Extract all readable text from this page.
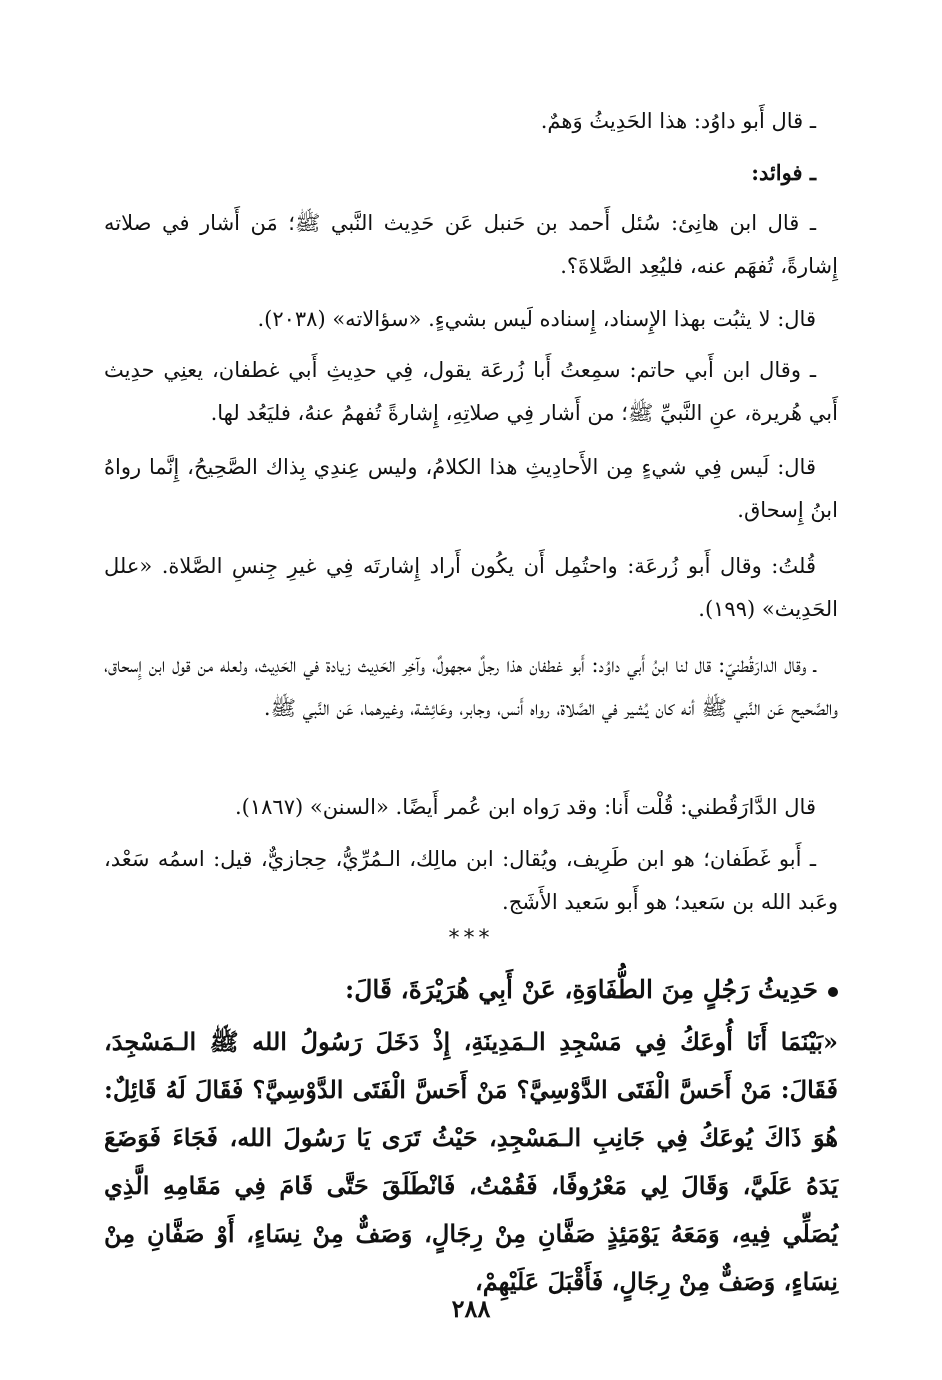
ـ قال أَبو داوُد: هذا الحَدِيثُ وَهمٌ.

ـ فوائد:

ـ قال ابن هانِئ: سُئل أَحمد بن حَنبل عَن حَدِيث النَّبي ﷺ؛ مَن أَشار في صلاته إِشارةً، تُفهَم عنه، فليُعِد الصَّلاةَ؟.

قال: لا يثبُت بهذا الإِسناد، إِسناده لَيس بشيءٍ. «سؤالاته» (٢٠٣٨).

ـ وقال ابن أَبي حاتم: سمِعتُ أَبا زُرعَة يقول، فِي حدِيثِ أَبي غطفان، يعنِي حدِيث أَبي هُريرة، عنِ النَّبيِّ ﷺ؛ من أَشار فِي صلاتِهِ، إِشارةً تُفهمُ عنهُ، فليَعُد لها.

قال: لَيس فِي شيءٍ مِن الأَحادِيثِ هذا الكلامُ، وليس عِندِي بِذاك الصَّحِيحُ، إِنَّما رواهُ ابنُ إِسحاق.

قُلتُ: وقال أَبو زُرعَة: واحتُمِل أَن يكُون أَراد إِشارتَه فِي غيرِ جِنسِ الصَّلاة. «علل الحَدِيث» (١٩٩).

ـ وقال الدارَقُطنيّ: قال لنا ابنُ أَبي داوُد: أَبو غطفان هذا رجلٌ مجهولٌ، وآخِر الحَدِيث زيادة في الحَدِيث، ولعله من قول ابن إِسحاق، والصَّحيح عَن النَّبي ﷺ أنه كان يُشير في الصَّلاة، رواه أَنس، وجابر، وعَائِشة، وغيرهما، عَن النَّبي ﷺ.

قال الدَّارَقُطني: قُلْت أَنا: وقد رَواه ابن عُمر أَيضًا. «السنن» (١٨٦٧).

ـ أَبو غَطَفان؛ هو ابن طَرِيف، ويُقال: ابن مالِك، الـمُرِّيُّ، حِجازيٌّ، قيل: اسمُه سَعْد، وعَبد الله بن سَعيد؛ هو أَبو سَعيد الأَشَج.

***

حَدِيثُ رَجُلٍ مِنَ الطُّفَاوَةِ، عَنْ أَبِي هُرَيْرَةَ، قَالَ:

«بَيْنَمَا أَنَا أُوعَكُ فِي مَسْجِدِ الـمَدِينَةِ، إِذْ دَخَلَ رَسُولُ الله ﷺ الـمَسْجِدَ، فَقَالَ: مَنْ أَحَسَّ الْفَتَى الدَّوْسِيَّ؟ مَنْ أَحَسَّ الْفَتَى الدَّوْسِيَّ؟ فَقَالَ لَهُ قَائِلٌ: هُوَ ذَاكَ يُوعَكُ فِي جَانِبِ الـمَسْجِدِ، حَيْثُ تَرَى يَا رَسُولَ الله، فَجَاءَ فَوَضَعَ يَدَهُ عَلَيَّ، وَقَالَ لِي مَعْرُوفًا، فَقُمْتُ، فَانْطَلَقَ حَتَّى قَامَ فِي مَقَامِهِ الَّذِي يُصَلِّي فِيهِ، وَمَعَهُ يَوْمَئِذٍ صَفَّانِ مِنْ رِجَالٍ، وَصَفٌّ مِنْ نِسَاءٍ، أَوْ صَفَّانِ مِنْ نِسَاءٍ، وَصَفٌّ مِنْ رِجَالٍ، فَأَقْبَلَ عَلَيْهِمْ،

٢٨٨
